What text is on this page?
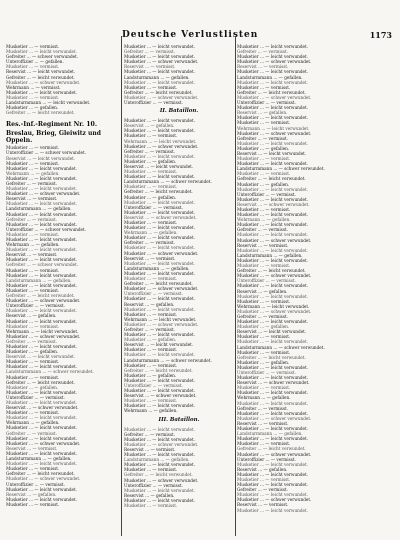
Deutsche Verlustlisten	1173
Musketier ... — vermisst.
Musketier ... — leicht verwundet.
Gefreiter ... — schwer verwundet.
Unteroffizier ... — gefallen.
Musketier ... — vermisst.
Reservist ... — leicht verwundet.
Gefreiter ... — leicht verwundet.
Musketier ... — schwer verwundet.
Wehrmann ... — vermisst.
Musketier ... — leicht verwundet.
Musketier ... — vermisst.
Landsturmmann ... — leicht verwundet.
Musketier ... — gefallen.
Gefreiter ... — leicht verwundet.
Res.-Inf.-Regiment Nr. 10.
Breslau, Brieg, Gleiwitz und Oppeln.
Musketier ... — vermisst.
Unteroffizier ... — schwer verwundet.
Reservist ... — leicht verwundet.
Musketier ... — vermisst.
Musketier ... — leicht verwundet.
Wehrmann ... — gefallen.
Musketier ... — leicht verwundet.
Gefreiter ... — vermisst.
Musketier ... — leicht verwundet.
Musketier ... — schwer verwundet.
Reservist ... — vermisst.
Musketier ... — leicht verwundet.
Landsturmmann ... — gefallen.
Musketier ... — leicht verwundet.
Gefreiter ... — vermisst.
Musketier ... — leicht verwundet.
Unteroffizier ... — schwer verwundet.
Musketier ... — vermisst.
Musketier ... — leicht verwundet.
Wehrmann ... — gefallen.
Musketier ... — leicht verwundet.
Reservist ... — vermisst.
Musketier ... — leicht verwundet.
Gefreiter ... — schwer verwundet.
Musketier ... — vermisst.
Musketier ... — leicht verwundet.
Landsturmmann ... — gefallen.
Musketier ... — leicht verwundet.
Musketier ... — vermisst.
Gefreiter ... — leicht verwundet.
Musketier ... — schwer verwundet.
Unteroffizier ... — vermisst.
Musketier ... — leicht verwundet.
Reservist ... — gefallen.
Musketier ... — leicht verwundet.
Musketier ... — vermisst.
Wehrmann ... — leicht verwundet.
Musketier ... — schwer verwundet.
Gefreiter ... — vermisst.
Musketier ... — leicht verwundet.
Musketier ... — gefallen.
Reservist ... — leicht verwundet.
Musketier ... — vermisst.
Musketier ... — leicht verwundet.
Landsturmmann ... — schwer verwundet.
Musketier ... — vermisst.
Gefreiter ... — leicht verwundet.
Musketier ... — gefallen.
Musketier ... — leicht verwundet.
Unteroffizier ... — vermisst.
Musketier ... — leicht verwundet.
Reservist ... — schwer verwundet.
Musketier ... — vermisst.
Musketier ... — leicht verwundet.
Wehrmann ... — gefallen.
Musketier ... — leicht verwundet.
Gefreiter ... — vermisst.
Musketier ... — leicht verwundet.
Musketier ... — schwer verwundet.
Reservist ... — vermisst.
Musketier ... — leicht verwundet.
Landsturmmann ... — gefallen.
Musketier ... — leicht verwundet.
Musketier ... — vermisst.
Gefreiter ... — leicht verwundet.
Musketier ... — schwer verwundet.
Unteroffizier ... — vermisst.
Musketier ... — leicht verwundet.
Reservist ... — gefallen.
Musketier ... — leicht verwundet.
Musketier ... — vermisst.
Musketier ... — leicht verwundet.
Gefreiter ... — vermisst.
Musketier ... — leicht verwundet.
Musketier ... — schwer verwundet.
Reservist ... — vermisst.
Musketier ... — leicht verwundet.
Landsturmmann ... — gefallen.
Musketier ... — leicht verwundet.
Musketier ... — vermisst.
Gefreiter ... — leicht verwundet.
Musketier ... — schwer verwundet.
Unteroffizier ... — vermisst.
II. Bataillon.
Musketier ... — leicht verwundet.
Reservist ... — gefallen.
Musketier ... — leicht verwundet.
Musketier ... — vermisst.
Wehrmann ... — leicht verwundet.
Musketier ... — schwer verwundet.
Gefreiter ... — vermisst.
Musketier ... — leicht verwundet.
Musketier ... — gefallen.
Reservist ... — leicht verwundet.
Musketier ... — vermisst.
Musketier ... — leicht verwundet.
Landsturmmann ... — schwer verwundet.
Musketier ... — vermisst.
Gefreiter ... — leicht verwundet.
Musketier ... — gefallen.
Musketier ... — leicht verwundet.
Unteroffizier ... — vermisst.
Musketier ... — leicht verwundet.
Reservist ... — schwer verwundet.
Musketier ... — vermisst.
Musketier ... — leicht verwundet.
Wehrmann ... — gefallen.
Musketier ... — leicht verwundet.
Gefreiter ... — vermisst.
Musketier ... — leicht verwundet.
Musketier ... — schwer verwundet.
Reservist ... — vermisst.
Musketier ... — leicht verwundet.
Landsturmmann ... — gefallen.
Musketier ... — leicht verwundet.
Musketier ... — vermisst.
Gefreiter ... — leicht verwundet.
Musketier ... — schwer verwundet.
Unteroffizier ... — vermisst.
Musketier ... — leicht verwundet.
Reservist ... — gefallen.
Musketier ... — leicht verwundet.
Musketier ... — vermisst.
Wehrmann ... — leicht verwundet.
Musketier ... — schwer verwundet.
Gefreiter ... — vermisst.
Musketier ... — leicht verwundet.
Musketier ... — gefallen.
Reservist ... — leicht verwundet.
Musketier ... — vermisst.
Musketier ... — leicht verwundet.
Landsturmmann ... — schwer verwundet.
Musketier ... — vermisst.
Gefreiter ... — leicht verwundet.
Musketier ... — gefallen.
Musketier ... — leicht verwundet.
Unteroffizier ... — vermisst.
Musketier ... — leicht verwundet.
Reservist ... — schwer verwundet.
Musketier ... — vermisst.
Musketier ... — leicht verwundet.
Wehrmann ... — gefallen.
III. Bataillon.
Musketier ... — leicht verwundet.
Gefreiter ... — vermisst.
Musketier ... — leicht verwundet.
Musketier ... — schwer verwundet.
Reservist ... — vermisst.
Musketier ... — leicht verwundet.
Landsturmmann ... — gefallen.
Musketier ... — leicht verwundet.
Musketier ... — vermisst.
Gefreiter ... — leicht verwundet.
Musketier ... — schwer verwundet.
Unteroffizier ... — vermisst.
Musketier ... — leicht verwundet.
Reservist ... — gefallen.
Musketier ... — leicht verwundet.
Musketier ... — vermisst.
Musketier ... — leicht verwundet.
Gefreiter ... — vermisst.
Musketier ... — leicht verwundet.
Musketier ... — schwer verwundet.
Reservist ... — vermisst.
Musketier ... — leicht verwundet.
Landsturmmann ... — gefallen.
Musketier ... — leicht verwundet.
Musketier ... — vermisst.
Gefreiter ... — leicht verwundet.
Musketier ... — schwer verwundet.
Unteroffizier ... — vermisst.
Musketier ... — leicht verwundet.
Reservist ... — gefallen.
Musketier ... — leicht verwundet.
Musketier ... — vermisst.
Wehrmann ... — leicht verwundet.
Musketier ... — schwer verwundet.
Gefreiter ... — vermisst.
Musketier ... — leicht verwundet.
Musketier ... — gefallen.
Reservist ... — leicht verwundet.
Musketier ... — vermisst.
Musketier ... — leicht verwundet.
Landsturmmann ... — schwer verwundet.
Musketier ... — vermisst.
Gefreiter ... — leicht verwundet.
Musketier ... — gefallen.
Musketier ... — leicht verwundet.
Unteroffizier ... — vermisst.
Musketier ... — leicht verwundet.
Reservist ... — schwer verwundet.
Musketier ... — vermisst.
Musketier ... — leicht verwundet.
Wehrmann ... — gefallen.
Musketier ... — leicht verwundet.
Gefreiter ... — vermisst.
Musketier ... — leicht verwundet.
Musketier ... — schwer verwundet.
Reservist ... — vermisst.
Musketier ... — leicht verwundet.
Landsturmmann ... — gefallen.
Musketier ... — leicht verwundet.
Musketier ... — vermisst.
Gefreiter ... — leicht verwundet.
Musketier ... — schwer verwundet.
Unteroffizier ... — vermisst.
Musketier ... — leicht verwundet.
Reservist ... — gefallen.
Musketier ... — leicht verwundet.
Musketier ... — vermisst.
Wehrmann ... — leicht verwundet.
Musketier ... — schwer verwundet.
Gefreiter ... — vermisst.
Musketier ... — leicht verwundet.
Musketier ... — gefallen.
Reservist ... — leicht verwundet.
Musketier ... — vermisst.
Musketier ... — leicht verwundet.
Landsturmmann ... — schwer verwundet.
Musketier ... — vermisst.
Gefreiter ... — leicht verwundet.
Musketier ... — gefallen.
Musketier ... — leicht verwundet.
Unteroffizier ... — vermisst.
Musketier ... — leicht verwundet.
Reservist ... — schwer verwundet.
Musketier ... — vermisst.
Musketier ... — leicht verwundet.
Wehrmann ... — gefallen.
Musketier ... — leicht verwundet.
Gefreiter ... — vermisst.
Musketier ... — leicht verwundet.
Musketier ... — schwer verwundet.
Reservist ... — vermisst.
Musketier ... — leicht verwundet.
Landsturmmann ... — gefallen.
Musketier ... — leicht verwundet.
Musketier ... — vermisst.
Gefreiter ... — leicht verwundet.
Musketier ... — schwer verwundet.
Unteroffizier ... — vermisst.
Musketier ... — leicht verwundet.
Reservist ... — gefallen.
Musketier ... — leicht verwundet.
Musketier ... — vermisst.
Musketier ... — leicht verwundet.
Gefreiter ... — vermisst.
Musketier ... — leicht verwundet.
Musketier ... — schwer verwundet.
Reservist ... — vermisst.
Musketier ... — leicht verwundet.
